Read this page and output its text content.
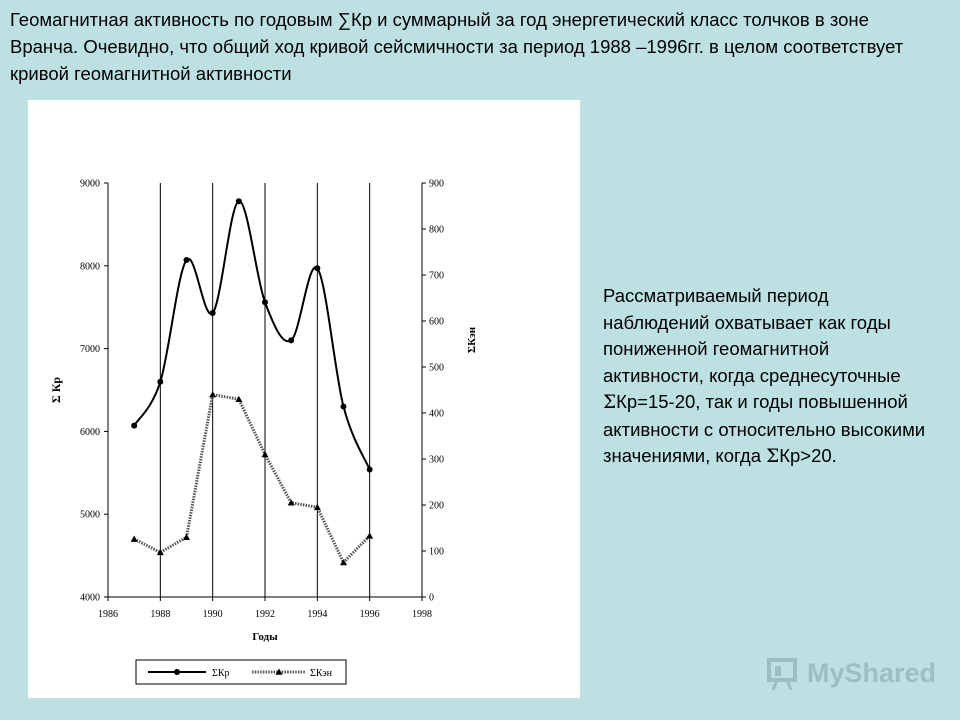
Геомагнитная активность по годовым ∑Кр и суммарный за год энергетический класс толчков в зоне Вранча. Очевидно, что общий ход кривой сейсмичности за период 1988 –1996гг. в целом соответствует кривой геомагнитной активности

4000
5000
6000
7000
8000
9000
0
100
200
300
400
500
600
700
800
900
1986	1988	1990	1992	1994	1996	1998
Годы
Σ Кр
ΣКэн
ΣКр	ΣКэн
Рассматриваемый период наблюдений охватывает как годы пониженной геомагнитной активности, когда среднесуточные ΣКр=15-20, так и годы повышенной активности с относительно высокими значениями, когда ΣКр>20.
MyShared
